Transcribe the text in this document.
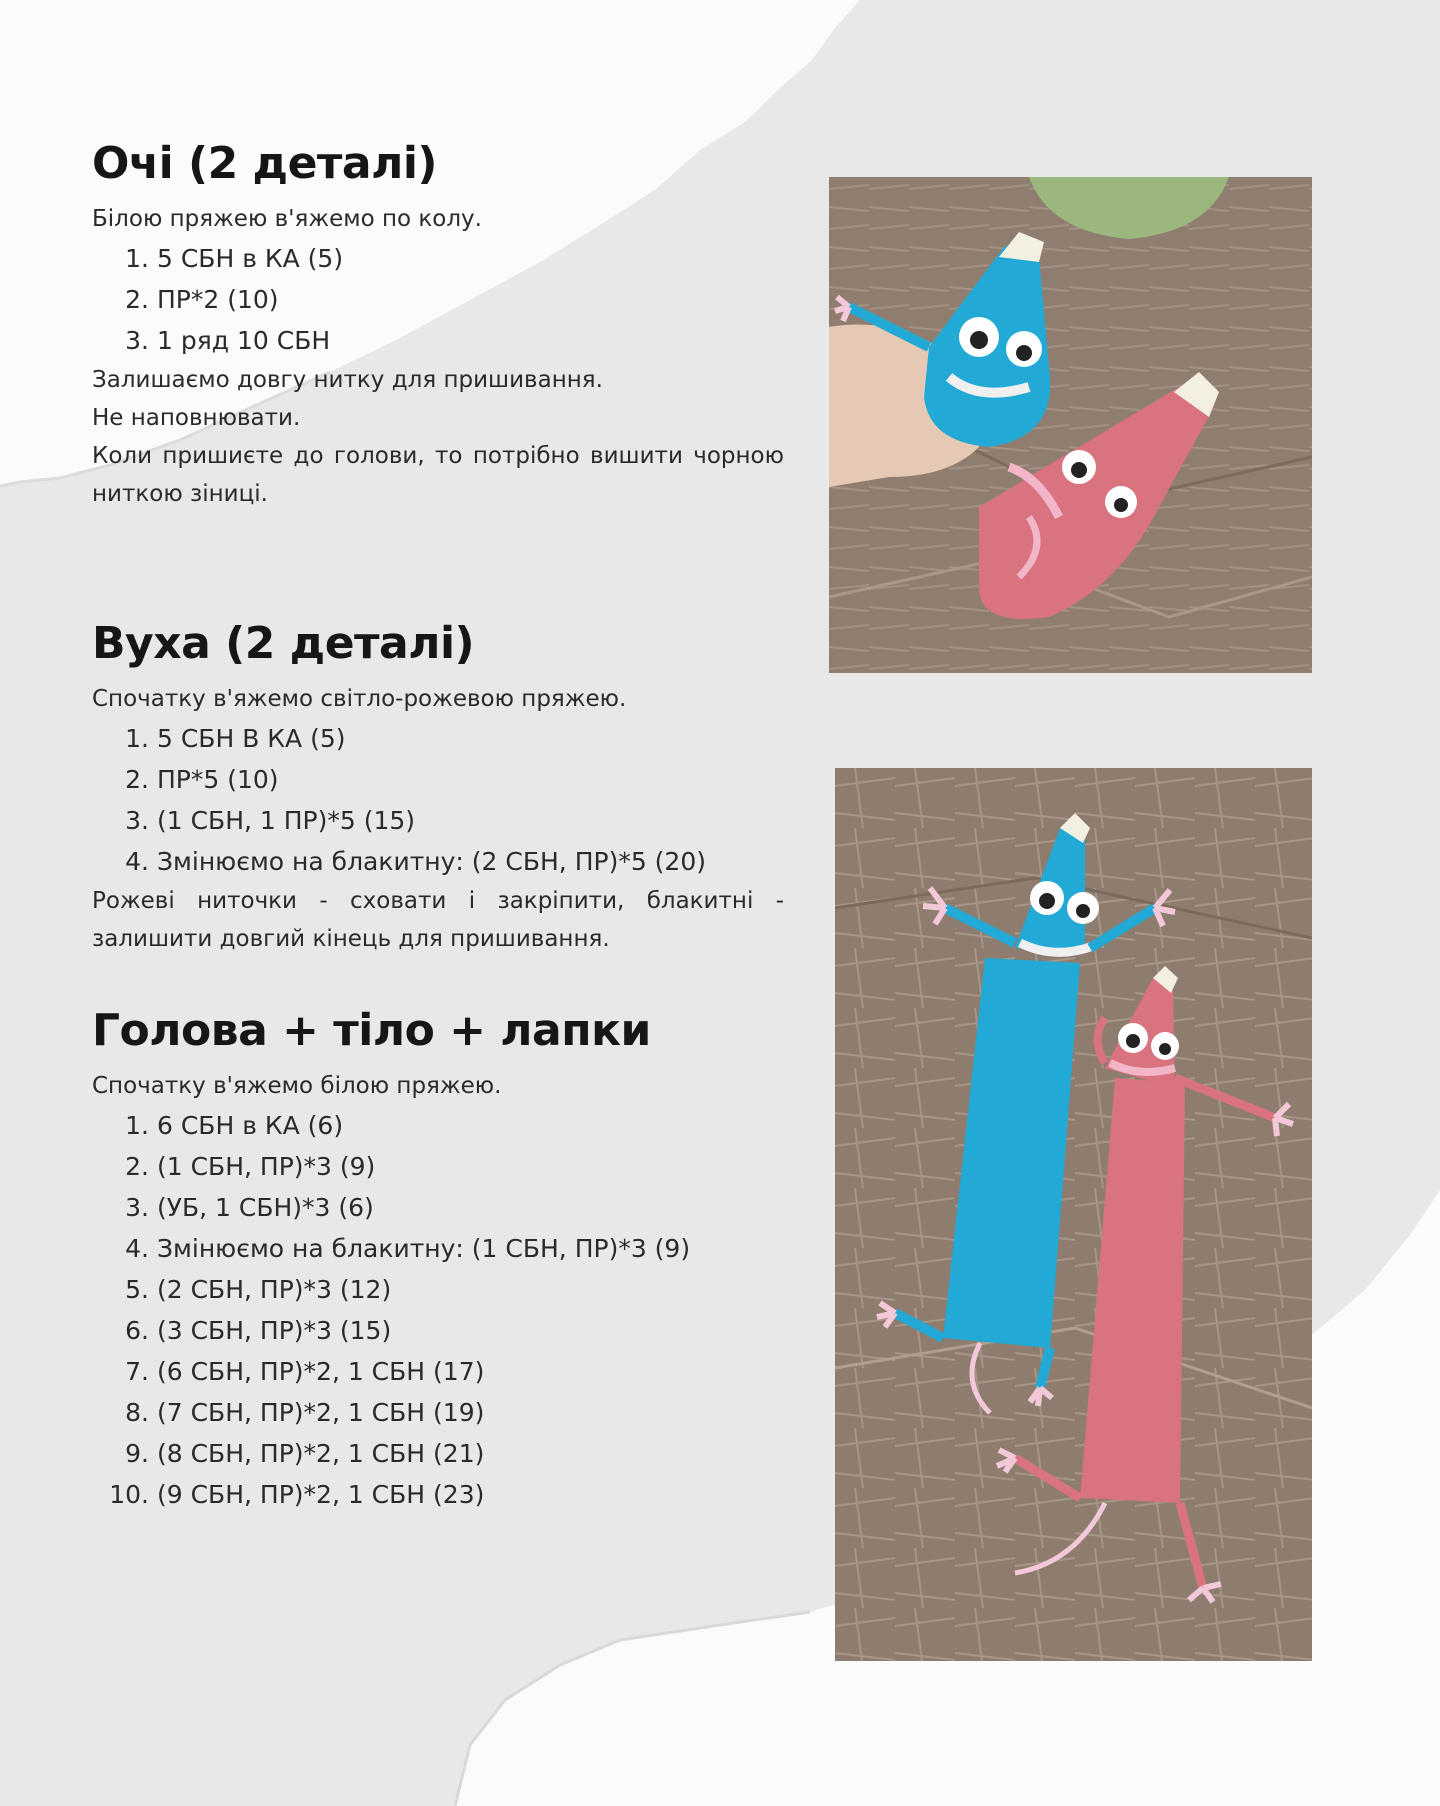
Очі (2 деталі)

Білою пряжею в'яжемо по колу.

1. 5 СБН в КА (5)
2. ПР*2 (10)
3. 1 ряд 10 СБН

Залишаємо довгу нитку для пришивання.

Не наповнювати.

Коли пришиєте до голови, то потрібно вишити чорною ниткою зіниці.

Вуха (2 деталі)

Спочатку в'яжемо світло-рожевою пряжею.

1. 5 СБН В КА (5)
2. ПР*5 (10)
3. (1 СБН, 1 ПР)*5 (15)
4. Змінюємо на блакитну: (2 СБН, ПР)*5 (20)

Рожеві ниточки - сховати і закріпити, блакитні - залишити довгий кінець для пришивання.

Голова + тіло + лапки

Спочатку в'яжемо білою пряжею.

1. 6 СБН в КА (6)
2. (1 СБН, ПР)*3 (9)
3. (УБ, 1 СБН)*3 (6)
4. Змінюємо на блакитну: (1 СБН, ПР)*3 (9)
5. (2 СБН, ПР)*3 (12)
6. (3 СБН, ПР)*3 (15)
7. (6 СБН, ПР)*2, 1 СБН (17)
8. (7 СБН, ПР)*2, 1 СБН (19)
9. (8 СБН, ПР)*2, 1 СБН (21)
10. (9 СБН, ПР)*2, 1 СБН (23)
